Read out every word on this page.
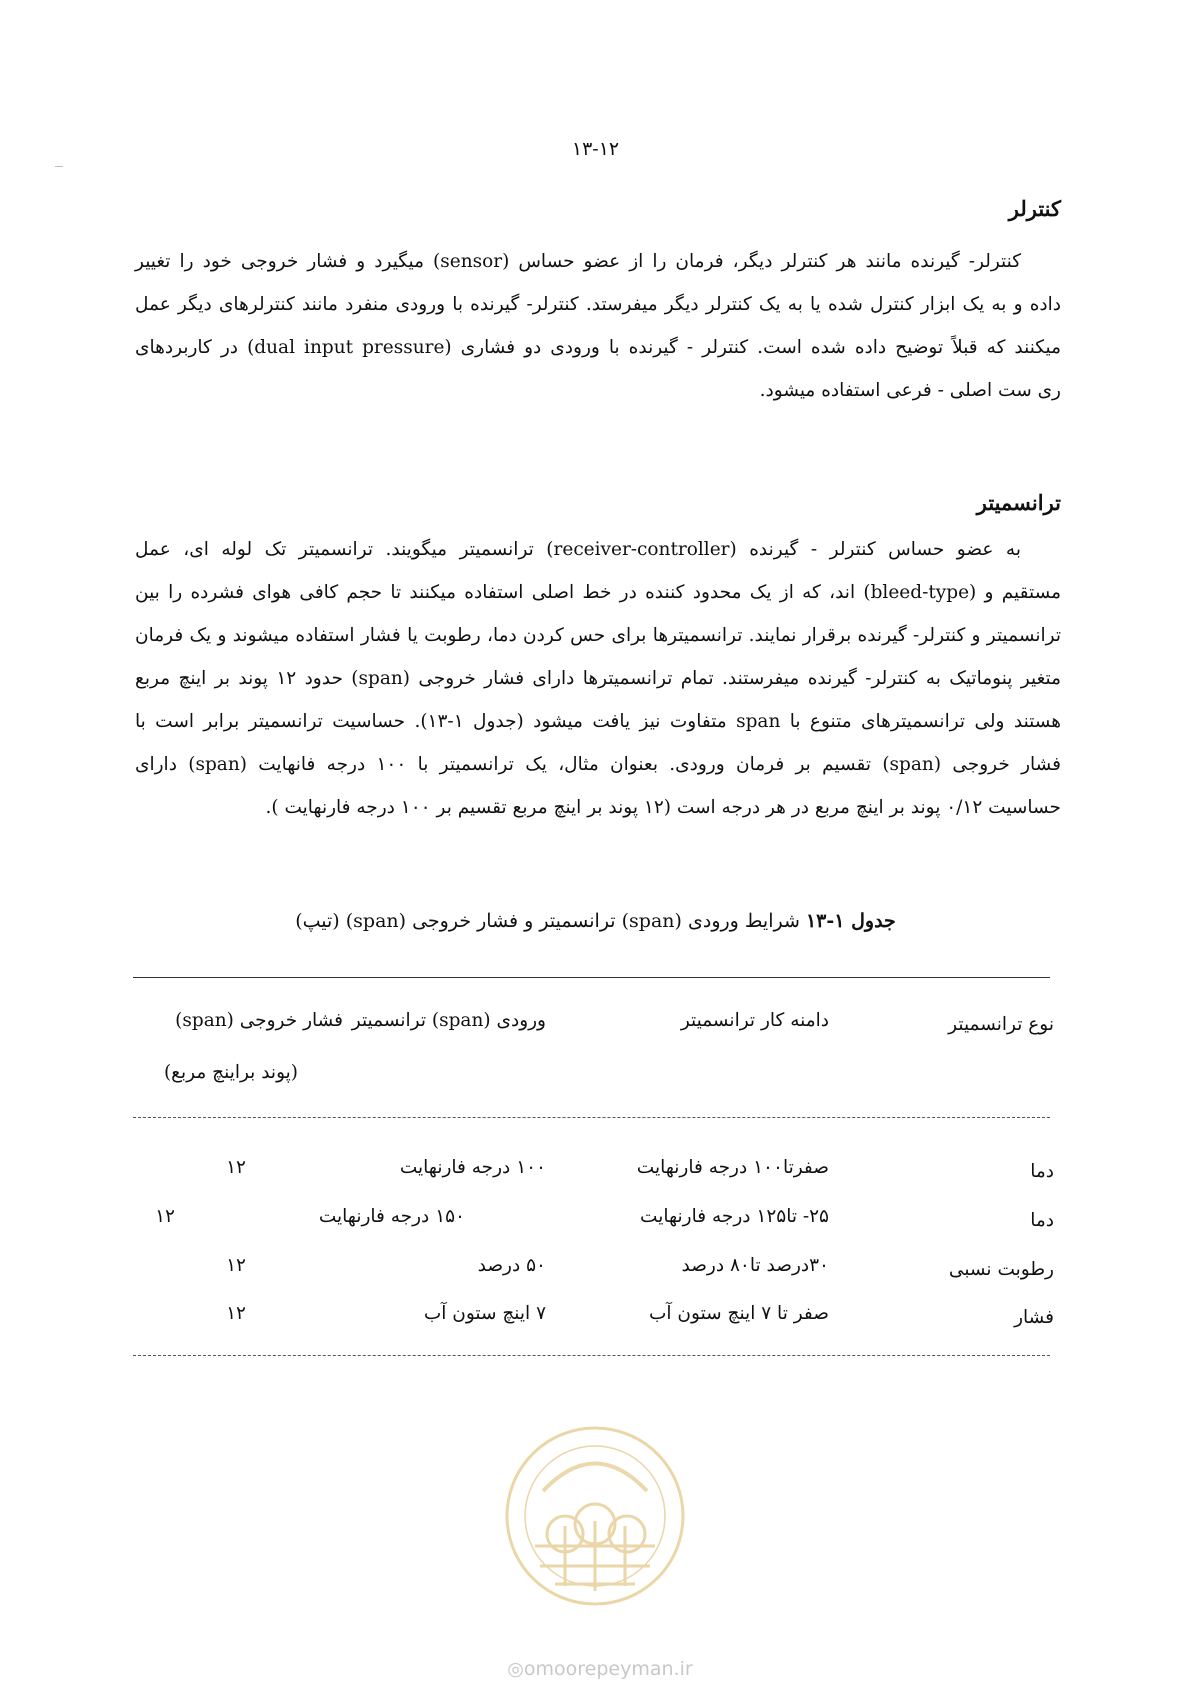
۱۳-۱۲
کنترلر
کنترلر- گیرنده مانند هر کنترلر دیگر، فرمان را از عضو حساس (sensor) میگیرد و فشار خروجی خود را تغییر
داده و به یک ابزار کنترل شده یا به یک کنترلر دیگر میفرستد. کنترلر- گیرنده با ورودی منفرد مانند کنترلرهای دیگر عمل
میکنند که قبلاً توضیح داده شده است. کنترلر - گیرنده با ورودی دو فشاری (dual input pressure) در کاربردهای
ری ست اصلی - فرعی استفاده میشود.
ترانسمیتر
به عضو حساس کنترلر - گیرنده (receiver-controller) ترانسمیتر میگویند. ترانسمیتر تک لوله ای، عمل
مستقیم و (bleed-type) اند، که از یک محدود کننده در خط اصلی استفاده میکنند تا حجم کافی هوای فشرده را بین
ترانسمیتر و کنترلر- گیرنده برقرار نمایند. ترانسمیترها برای حس کردن دما، رطوبت یا فشار استفاده میشوند و یک فرمان
متغیر پنوماتیک به کنترلر- گیرنده میفرستند. تمام ترانسمیترها دارای فشار خروجی (span) حدود ۱۲ پوند بر اینچ مربع
هستند ولی ترانسمیترهای متنوع با span متفاوت نیز یافت میشود (جدول ۱-۱۳). حساسیت ترانسمیتر برابر است با
فشار خروجی (span) تقسیم بر فرمان ورودی. بعنوان مثال، یک ترانسمیتر با ۱۰۰ درجه فانهایت (span) دارای
حساسیت ۰/۱۲ پوند بر اینچ مربع در هر درجه است (۱۲ پوند بر اینچ مربع تقسیم بر ۱۰۰ درجه فارنهایت ).
جدول ۱-۱۳ شرایط ورودی (span) ترانسمیتر و فشار خروجی (span) (تیپ)
نوع ترانسمیتر
دامنه کار ترانسمیتر
ورودی (span) ترانسمیتر
فشار خروجی (span)
(پوند براینچ مربع)
دما
صفرتا۱۰۰ درجه فارنهایت
۱۰۰ درجه فارنهایت
۱۲
دما
۲۵- تا۱۲۵ درجه فارنهایت
۱۵۰ درجه فارنهایت
۱۲
رطوبت نسبی
۳۰درصد تا۸۰ درصد
۵۰ درصد
۱۲
فشار
صفر تا ۷ اینچ ستون آب
۷ اینچ ستون آب
۱۲
◎omoorepeyman.ir
